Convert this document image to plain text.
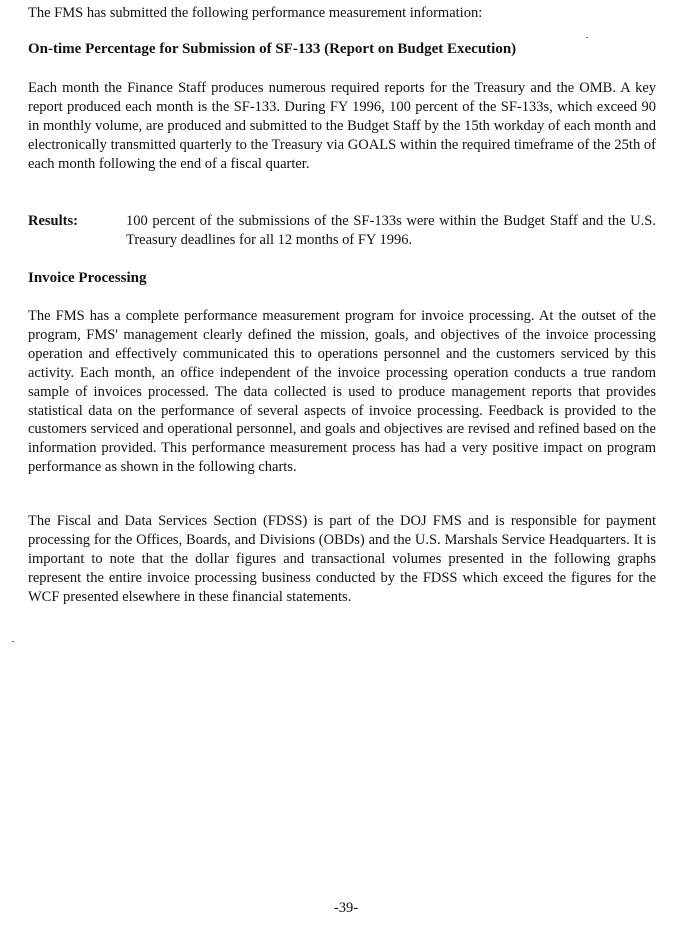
The FMS has submitted the following performance measurement information:
On-time Percentage for Submission of SF-133 (Report on Budget Execution)
Each month the Finance Staff produces numerous required reports for the Treasury and the OMB. A key report produced each month is the SF-133. During FY 1996, 100 percent of the SF-133s, which exceed 90 in monthly volume, are produced and submitted to the Budget Staff by the 15th workday of each month and electronically transmitted quarterly to the Treasury via GOALS within the required timeframe of the 25th of each month following the end of a fiscal quarter.
Results:	100 percent of the submissions of the SF-133s were within the Budget Staff and the U.S. Treasury deadlines for all 12 months of FY 1996.
Invoice Processing
The FMS has a complete performance measurement program for invoice processing. At the outset of the program, FMS' management clearly defined the mission, goals, and objectives of the invoice processing operation and effectively communicated this to operations personnel and the customers serviced by this activity. Each month, an office independent of the invoice processing operation conducts a true random sample of invoices processed. The data collected is used to produce management reports that provides statistical data on the performance of several aspects of invoice processing. Feedback is provided to the customers serviced and operational personnel, and goals and objectives are revised and refined based on the information provided. This performance measurement process has had a very positive impact on program performance as shown in the following charts.
The Fiscal and Data Services Section (FDSS) is part of the DOJ FMS and is responsible for payment processing for the Offices, Boards, and Divisions (OBDs) and the U.S. Marshals Service Headquarters. It is important to note that the dollar figures and transactional volumes presented in the following graphs represent the entire invoice processing business conducted by the FDSS which exceed the figures for the WCF presented elsewhere in these financial statements.
-39-
